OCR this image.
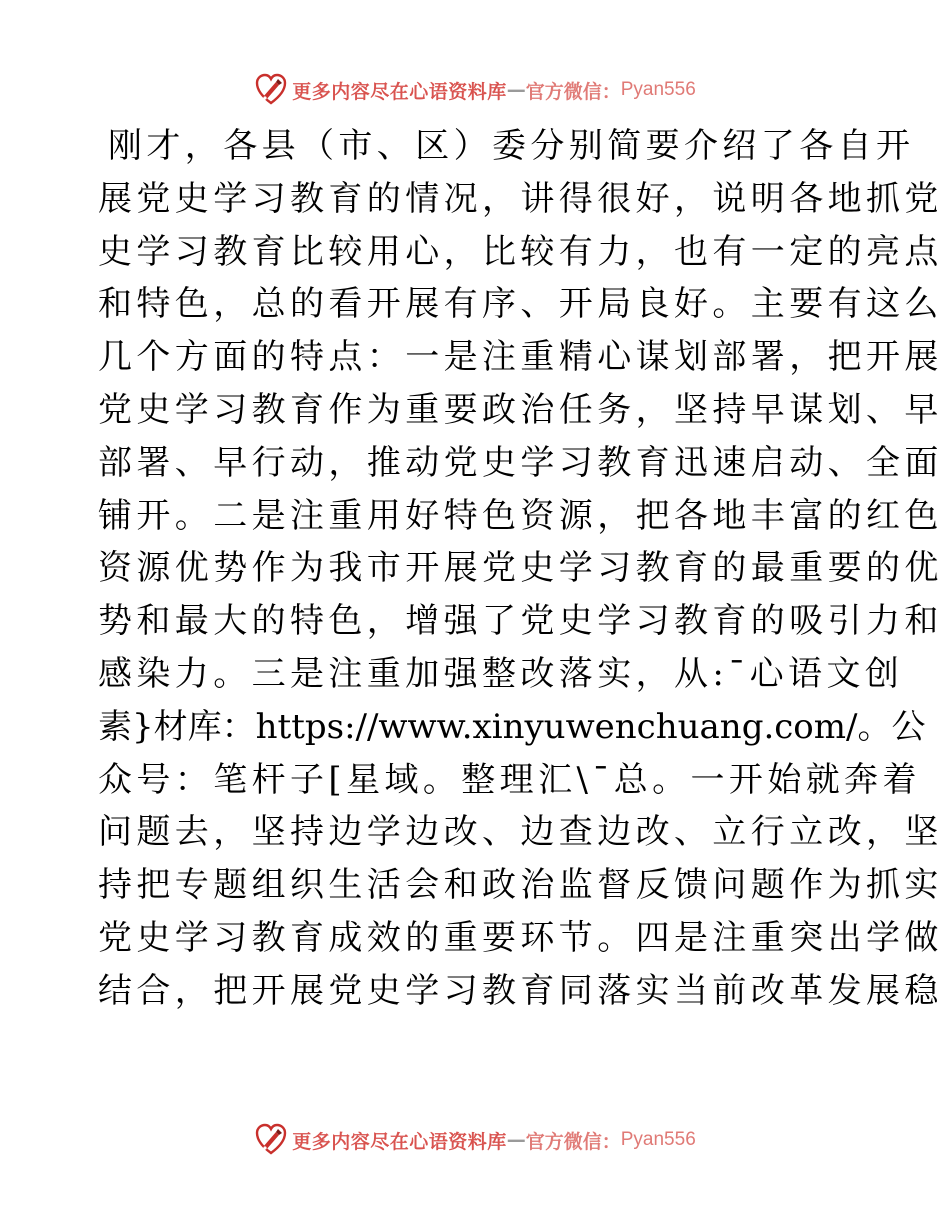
更多内容尽在心语资料库 — 官方微信： Pyan556
刚才，各县（市、区）委分别简要介绍了各自开
展党史学习教育的情况，讲得很好，说明各地抓党
史学习教育比较用心，比较有力，也有一定的亮点
和特色，总的看开展有序、开局良好。主要有这么
几个方面的特点：一是注重精心谋划部署，把开展
党史学习教育作为重要政治任务，坚持早谋划、早
部署、早行动，推动党史学习教育迅速启动、全面
铺开。二是注重用好特色资源，把各地丰富的红色
资源优势作为我市开展党史学习教育的最重要的优
势和最大的特色，增强了党史学习教育的吸引力和
感染力。三是注重加强整改落实，从:¯心语文创
素}材库：https://www.xinyuwenchuang.com/。公
众号：笔杆子[星域。整理汇\¯总。一开始就奔着
问题去，坚持边学边改、边查边改、立行立改，坚
持把专题组织生活会和政治监督反馈问题作为抓实
党史学习教育成效的重要环节。四是注重突出学做
结合，把开展党史学习教育同落实当前改革发展稳
更多内容尽在心语资料库 — 官方微信： Pyan556
